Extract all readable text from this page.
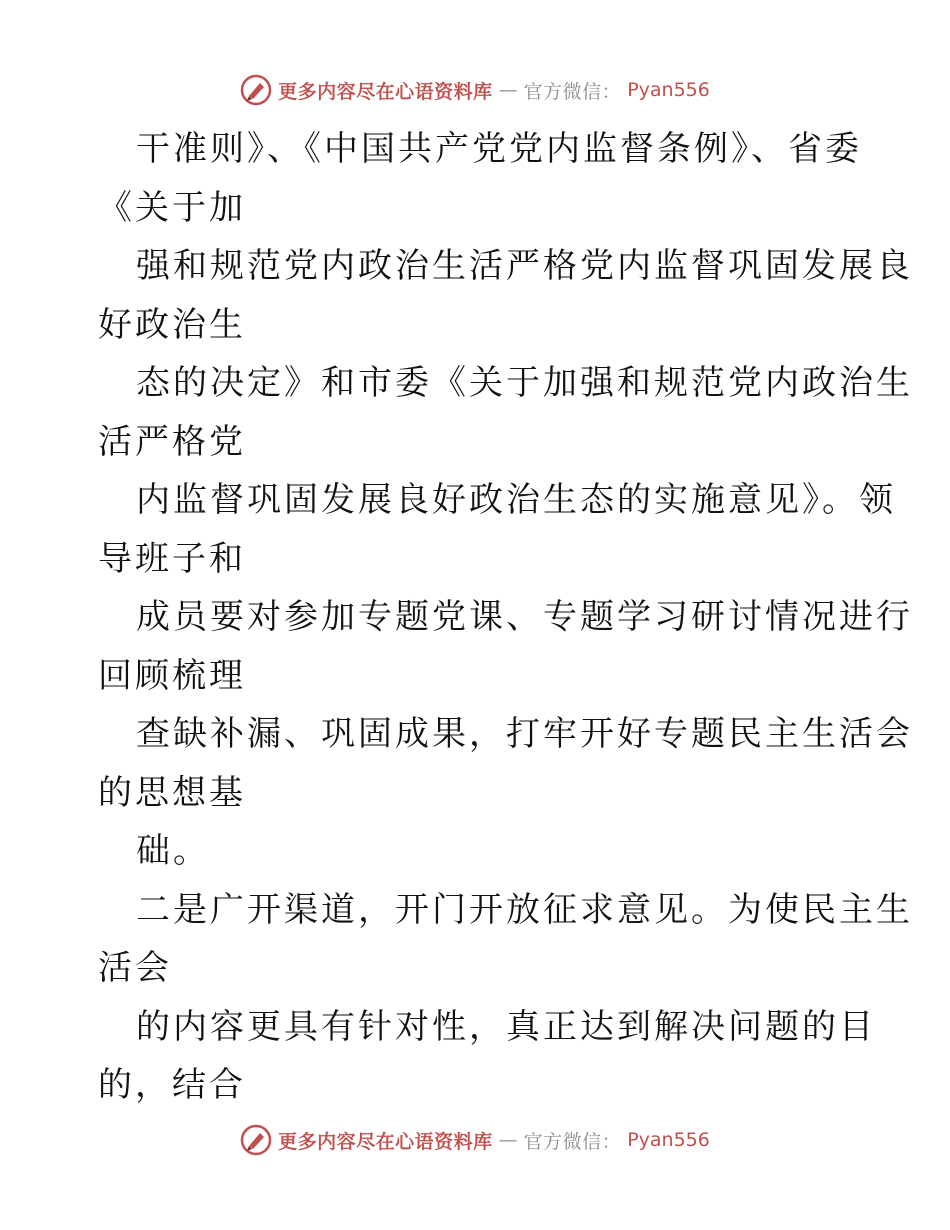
更多内容尽在心语资料库 — 官方微信： Pyan556
干准则》、《中国共产党党内监督条例》、省委
《关于加
强和规范党内政治生活严格党内监督巩固发展良
好政治生
态的决定》和市委《关于加强和规范党内政治生
活严格党
内监督巩固发展良好政治生态的实施意见》。领
导班子和
成员要对参加专题党课、专题学习研讨情况进行
回顾梳理
查缺补漏、巩固成果，打牢开好专题民主生活会
的思想基
础。
二是广开渠道，开门开放征求意见。为使民主生
活会
的内容更具有针对性，真正达到解决问题的目
的，结合
更多内容尽在心语资料库 — 官方微信： Pyan556
